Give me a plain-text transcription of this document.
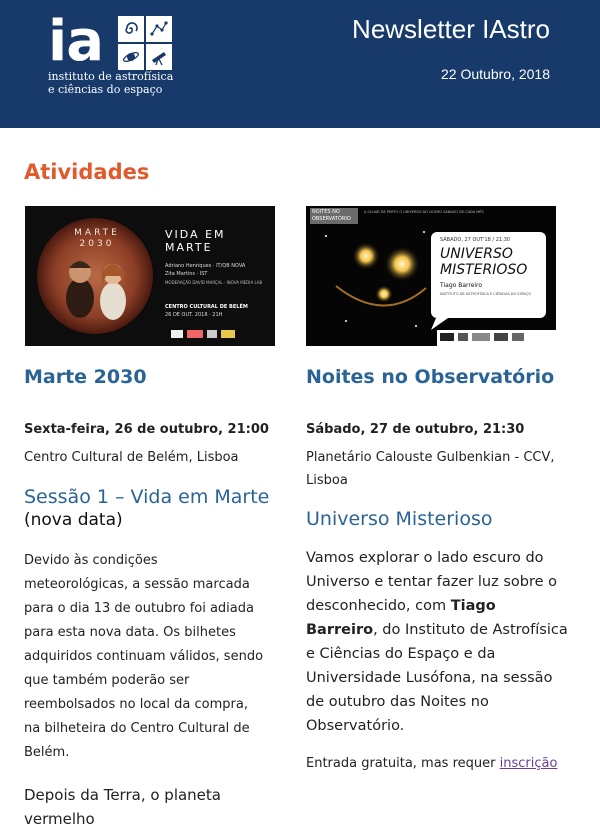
ia
instituto de astrofísica
e ciências do espaço
Newsletter IAstro
22 Outubro, 2018
Atividades
MARTE 2030
VIDA EM
MARTE
Adriano Henriques · IT/QB NOVA
Zita Martins · IST
MODERAÇÃO DAVID MARÇAL · INOVA MEDIA LAB
CENTRO CULTURAL DE BELÉM
26 DE OUT. 2018 · 21H
NOITES NO OBSERVATÓRIO
A OLHAR DE PERTO O UNIVERSO NO ÚLTIMO SÁBADO DE CADA MÊS
SÁBADO, 27 OUT'18 / 21:30
UNIVERSO
MISTERIOSO
Tiago Barreiro
INSTITUTO DE ASTROFÍSICA E CIÊNCIAS DO ESPAÇO
Marte 2030
Sexta-feira, 26 de outubro, 21:00
Centro Cultural de Belém, Lisboa
Sessão 1 – Vida em Marte
(nova data)
Devido às condições meteorológicas, a sessão marcada para o dia 13 de outubro foi adiada para esta nova data. Os bilhetes adquiridos continuam válidos, sendo que também poderão ser reembolsados no local da compra, na bilheteira do Centro Cultural de Belém.
Depois da Terra, o planeta vermelho
Noites no Observatório
Sábado, 27 de outubro, 21:30
Planetário Calouste Gulbenkian - CCV, Lisboa
Universo Misterioso
Vamos explorar o lado escuro do Universo e tentar fazer luz sobre o desconhecido, com Tiago Barreiro, do Instituto de Astrofísica e Ciências do Espaço e da Universidade Lusófona, na sessão de outubro das Noites no Observatório.
Entrada gratuita, mas requer inscrição
